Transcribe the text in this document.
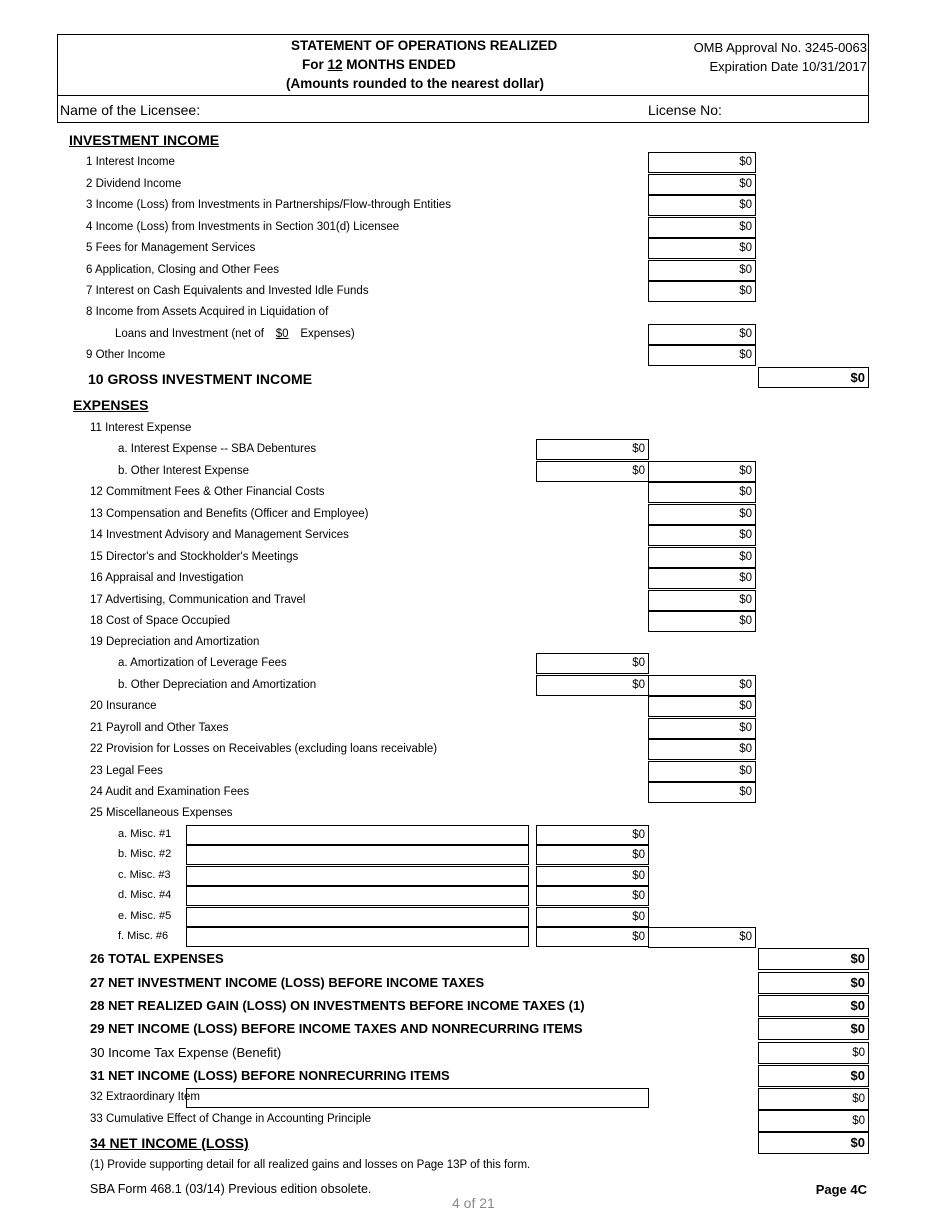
STATEMENT OF OPERATIONS REALIZED
For 12 MONTHS ENDED
(Amounts rounded to the nearest dollar)
OMB Approval No. 3245-0063
Expiration Date 10/31/2017
Name of the Licensee:	License No:
INVESTMENT INCOME
1 Interest Income	$0
2 Dividend Income	$0
3 Income (Loss) from Investments in Partnerships/Flow-through Entities	$0
4 Income (Loss) from Investments in Section 301(d) Licensee	$0
5 Fees for Management Services	$0
6 Application, Closing and Other Fees	$0
7 Interest on Cash Equivalents and Invested Idle Funds	$0
8 Income from Assets Acquired in Liquidation of
Loans and Investment (net of $0 Expenses)	$0
9 Other Income	$0
10 GROSS INVESTMENT INCOME	$0
EXPENSES
11 Interest Expense
a. Interest Expense -- SBA Debentures	$0
b. Other Interest Expense	$0	$0
12 Commitment Fees & Other Financial Costs	$0
13 Compensation and Benefits (Officer and Employee)	$0
14 Investment Advisory and Management Services	$0
15 Director's and Stockholder's Meetings	$0
16 Appraisal and Investigation	$0
17 Advertising, Communication and Travel	$0
18 Cost of Space Occupied	$0
19 Depreciation and Amortization
a. Amortization of Leverage Fees	$0
b. Other Depreciation and Amortization	$0	$0
20 Insurance	$0
21 Payroll and Other Taxes	$0
22 Provision for Losses on Receivables (excluding loans receivable)	$0
23 Legal Fees	$0
24 Audit and Examination Fees	$0
25 Miscellaneous Expenses
a. Misc. #1	$0
b. Misc. #2	$0
c. Misc. #3	$0
d. Misc. #4	$0
e. Misc. #5	$0
f. Misc. #6	$0	$0
26 TOTAL EXPENSES	$0
27 NET INVESTMENT INCOME (LOSS) BEFORE INCOME TAXES	$0
28 NET REALIZED GAIN (LOSS) ON INVESTMENTS BEFORE INCOME TAXES (1)	$0
29 NET INCOME (LOSS) BEFORE INCOME TAXES AND NONRECURRING ITEMS	$0
30 Income Tax Expense (Benefit)	$0
31 NET INCOME (LOSS) BEFORE NONRECURRING ITEMS	$0
32 Extraordinary Item	$0
33 Cumulative Effect of Change in Accounting Principle	$0
34 NET INCOME (LOSS)	$0
(1) Provide supporting detail for all realized gains and losses on Page 13P of this form.
SBA Form 468.1 (03/14) Previous edition obsolete.	Page 4C
4 of 21
